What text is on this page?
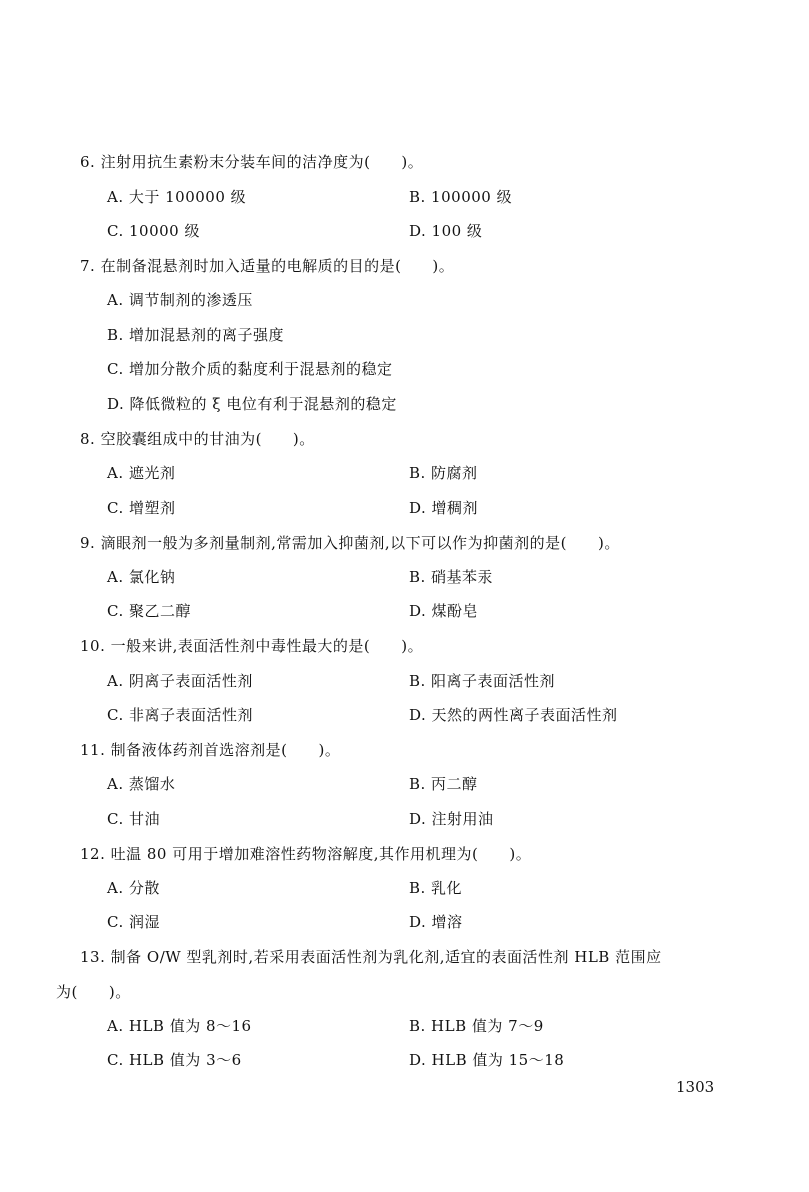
6. 注射用抗生素粉末分装车间的洁净度为(　　)。
A. 大于 100000 级	B. 100000 级
C. 10000 级	D. 100 级
7. 在制备混悬剂时加入适量的电解质的目的是(　　)。
A. 调节制剂的渗透压
B. 增加混悬剂的离子强度
C. 增加分散介质的黏度利于混悬剂的稳定
D. 降低微粒的 ξ 电位有利于混悬剂的稳定
8. 空胶囊组成中的甘油为(　　)。
A. 遮光剂	B. 防腐剂
C. 增塑剂	D. 增稠剂
9. 滴眼剂一般为多剂量制剂,常需加入抑菌剂,以下可以作为抑菌剂的是(　　)。
A. 氯化钠	B. 硝基苯汞
C. 聚乙二醇	D. 煤酚皂
10. 一般来讲,表面活性剂中毒性最大的是(　　)。
A. 阴离子表面活性剂	B. 阳离子表面活性剂
C. 非离子表面活性剂	D. 天然的两性离子表面活性剂
11. 制备液体药剂首选溶剂是(　　)。
A. 蒸馏水	B. 丙二醇
C. 甘油	D. 注射用油
12. 吐温 80 可用于增加难溶性药物溶解度,其作用机理为(　　)。
A. 分散	B. 乳化
C. 润湿	D. 增溶
13. 制备 O/W 型乳剂时,若采用表面活性剂为乳化剂,适宜的表面活性剂 HLB 范围应
为(　　)。
A. HLB 值为 8～16	B. HLB 值为 7～9
C. HLB 值为 3～6	D. HLB 值为 15～18
1303
